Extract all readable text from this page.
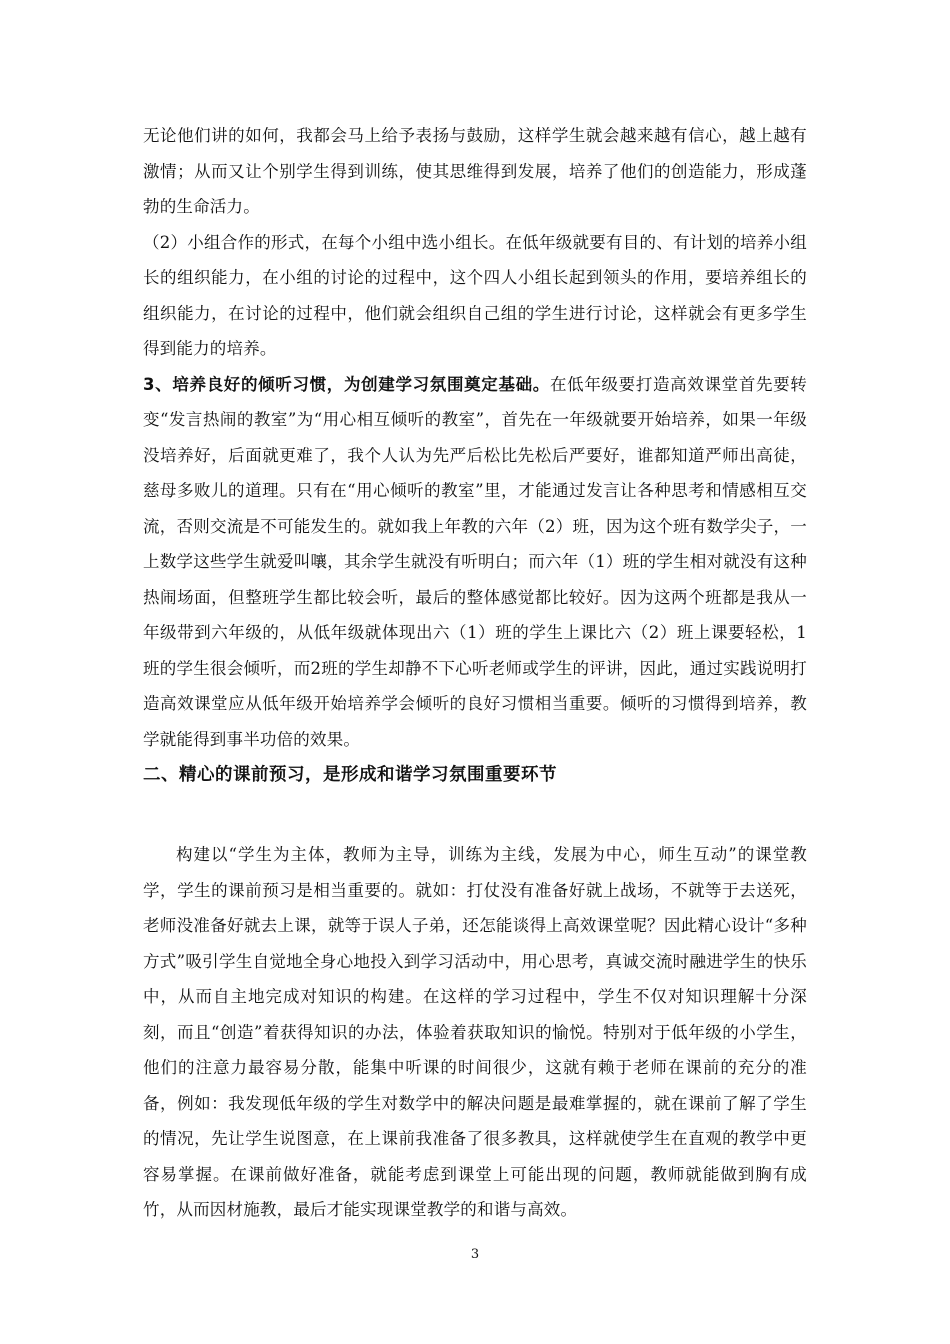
无论他们讲的如何，我都会马上给予表扬与鼓励，这样学生就会越来越有信心，越上越有激情；从而又让个别学生得到训练，使其思维得到发展，培养了他们的创造能力，形成蓬勃的生命活力。

（2）小组合作的形式，在每个小组中选小组长。在低年级就要有目的、有计划的培养小组长的组织能力，在小组的讨论的过程中，这个四人小组长起到领头的作用，要培养组长的组织能力，在讨论的过程中，他们就会组织自己组的学生进行讨论，这样就会有更多学生得到能力的培养。

3、培养良好的倾听习惯，为创建学习氛围奠定基础。在低年级要打造高效课堂首先要转变“发言热闹的教室”为“用心相互倾听的教室”，首先在一年级就要开始培养，如果一年级没培养好，后面就更难了，我个人认为先严后松比先松后严要好，谁都知道严师出高徒，慈母多败儿的道理。只有在“用心倾听的教室”里，才能通过发言让各种思考和情感相互交流，否则交流是不可能发生的。就如我上年教的六年（2）班，因为这个班有数学尖子，一上数学这些学生就爱叫嚷，其余学生就没有听明白；而六年（1）班的学生相对就没有这种热闹场面，但整班学生都比较会听，最后的整体感觉都比较好。因为这两个班都是我从一年级带到六年级的，从低年级就体现出六（1）班的学生上课比六（2）班上课要轻松，1班的学生很会倾听，而2班的学生却静不下心听老师或学生的评讲，因此，通过实践说明打造高效课堂应从低年级开始培养学会倾听的良好习惯相当重要。倾听的习惯得到培养，教学就能得到事半功倍的效果。

二、精心的课前预习，是形成和谐学习氛围重要环节

构建以“学生为主体，教师为主导，训练为主线，发展为中心，师生互动”的课堂教学，学生的课前预习是相当重要的。就如：打仗没有准备好就上战场，不就等于去送死，老师没准备好就去上课，就等于误人子弟，还怎能谈得上高效课堂呢？因此精心设计“多种方式”吸引学生自觉地全身心地投入到学习活动中，用心思考，真诚交流时融进学生的快乐中，从而自主地完成对知识的构建。在这样的学习过程中，学生不仅对知识理解十分深刻，而且“创造”着获得知识的办法，体验着获取知识的愉悦。特别对于低年级的小学生，他们的注意力最容易分散，能集中听课的时间很少，这就有赖于老师在课前的充分的准备，例如：我发现低年级的学生对数学中的解决问题是最难掌握的，就在课前了解了学生的情况，先让学生说图意，在上课前我准备了很多教具，这样就使学生在直观的教学中更容易掌握。在课前做好准备，就能考虑到课堂上可能出现的问题，教师就能做到胸有成竹，从而因材施教，最后才能实现课堂教学的和谐与高效。

3
